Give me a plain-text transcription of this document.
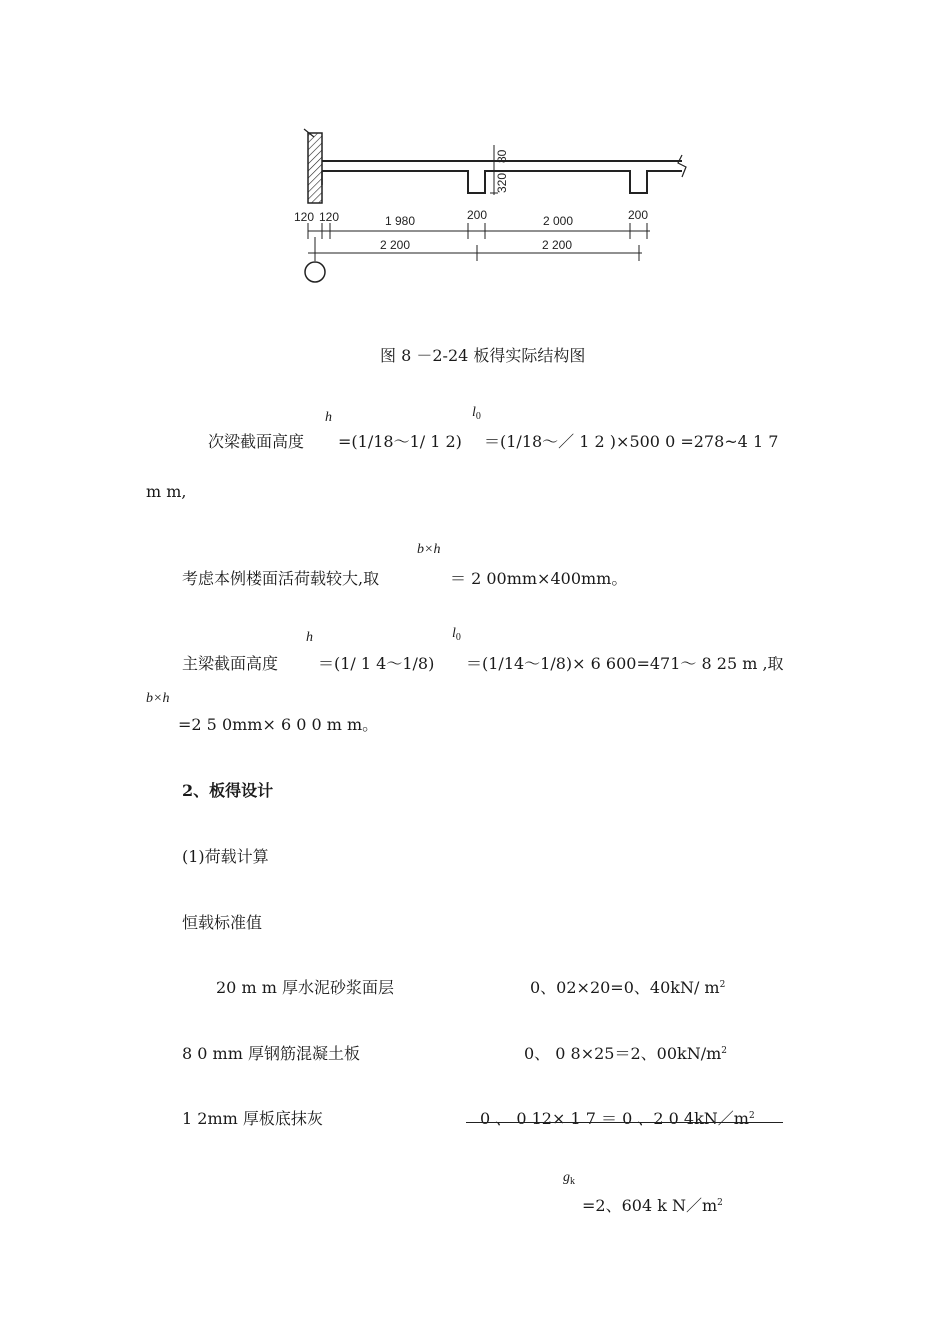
80
320
120 120	1 980	200	2 000	200
2 200	2 200
图 8 －2-24 板得实际结构图
次梁截面高度
h
=(1/18～1/ 1 2)
$l_0$
＝(1/18～／ 1 2 )×500 0 =278~4 1 7
m m,
考虑本例楼面活荷载较大,取
b×h
＝ 2 00mm×400mm。
主梁截面高度
h
＝(1/ 1 4～1/8)
$l_0$
＝(1/14～1/8)× 6 600=471～ 8 25 m ,取
b×h
=2 5 0mm× 6 0 0 m m。
2、板得设计
(1)荷载计算
恒载标准值
20 m m 厚水泥砂浆面层	0、02×20=0、40kN/ $m^2$
8 0 mm 厚钢筋混凝土板	0、 0 8×25＝2、$00kN/m^2$
1 2mm 厚板底抹灰	0 、 0 12× 1 7 ＝ 0 、2 0 $4kN/m^2$
$g_k$
=2、604 k $N/m^2$
